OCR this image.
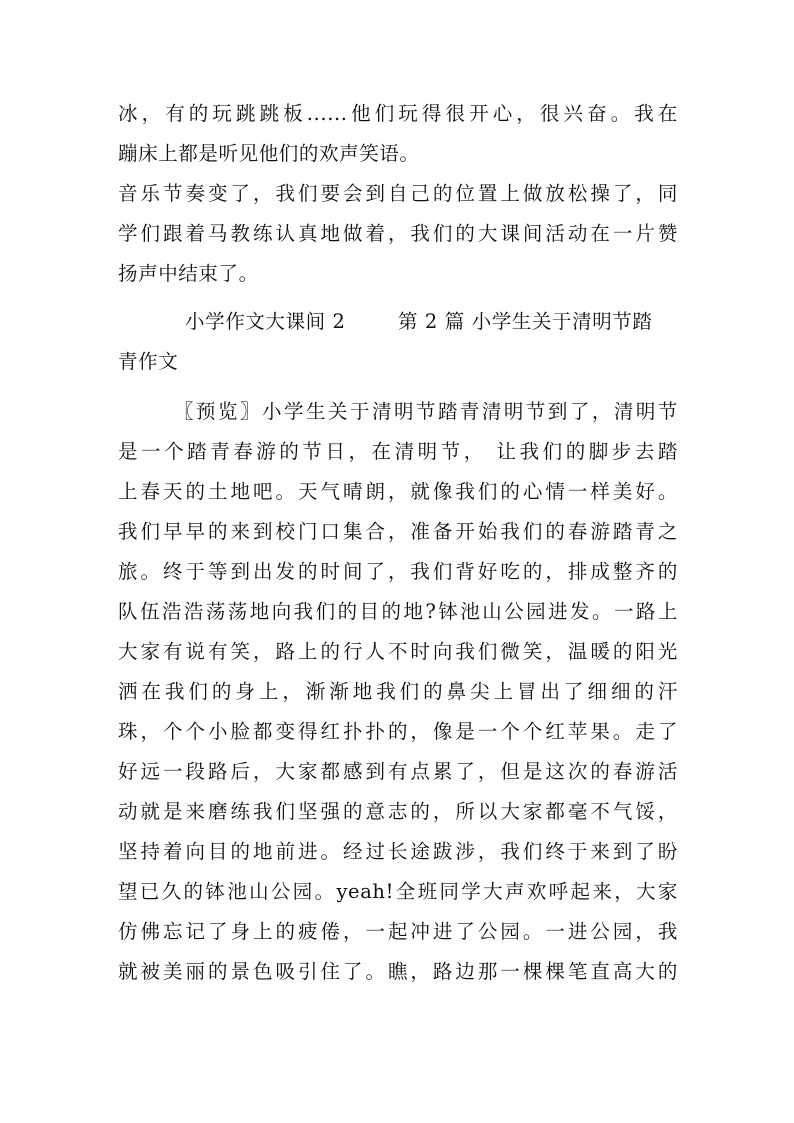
冰，有的玩跳跳板......他们玩得很开心，很兴奋。我在
蹦床上都是听见他们的欢声笑语。
音乐节奏变了，我们要会到自己的位置上做放松操了，同
学们跟着马教练认真地做着，我们的大课间活动在一片赞
扬声中结束了。
小学作文大课间 2	第 2 篇 小学生关于清明节踏
青作文
〖预览〗小学生关于清明节踏青清明节到了，清明节
是一个踏青春游的节日，在清明节， 让我们的脚步去踏
上春天的土地吧。天气晴朗，就像我们的心情一样美好。
我们早早的来到校门口集合，准备开始我们的春游踏青之
旅。终于等到出发的时间了，我们背好吃的，排成整齐的
队伍浩浩荡荡地向我们的目的地?钵池山公园进发。一路上
大家有说有笑，路上的行人不时向我们微笑，温暖的阳光
洒在我们的身上，渐渐地我们的鼻尖上冒出了细细的汗
珠，个个小脸都变得红扑扑的，像是一个个红苹果。走了
好远一段路后，大家都感到有点累了，但是这次的春游活
动就是来磨练我们坚强的意志的，所以大家都毫不气馁，
坚持着向目的地前进。经过长途跋涉，我们终于来到了盼
望已久的钵池山公园。yeah!全班同学大声欢呼起来，大家
仿佛忘记了身上的疲倦，一起冲进了公园。一进公园，我
就被美丽的景色吸引住了。瞧，路边那一棵棵笔直高大的
